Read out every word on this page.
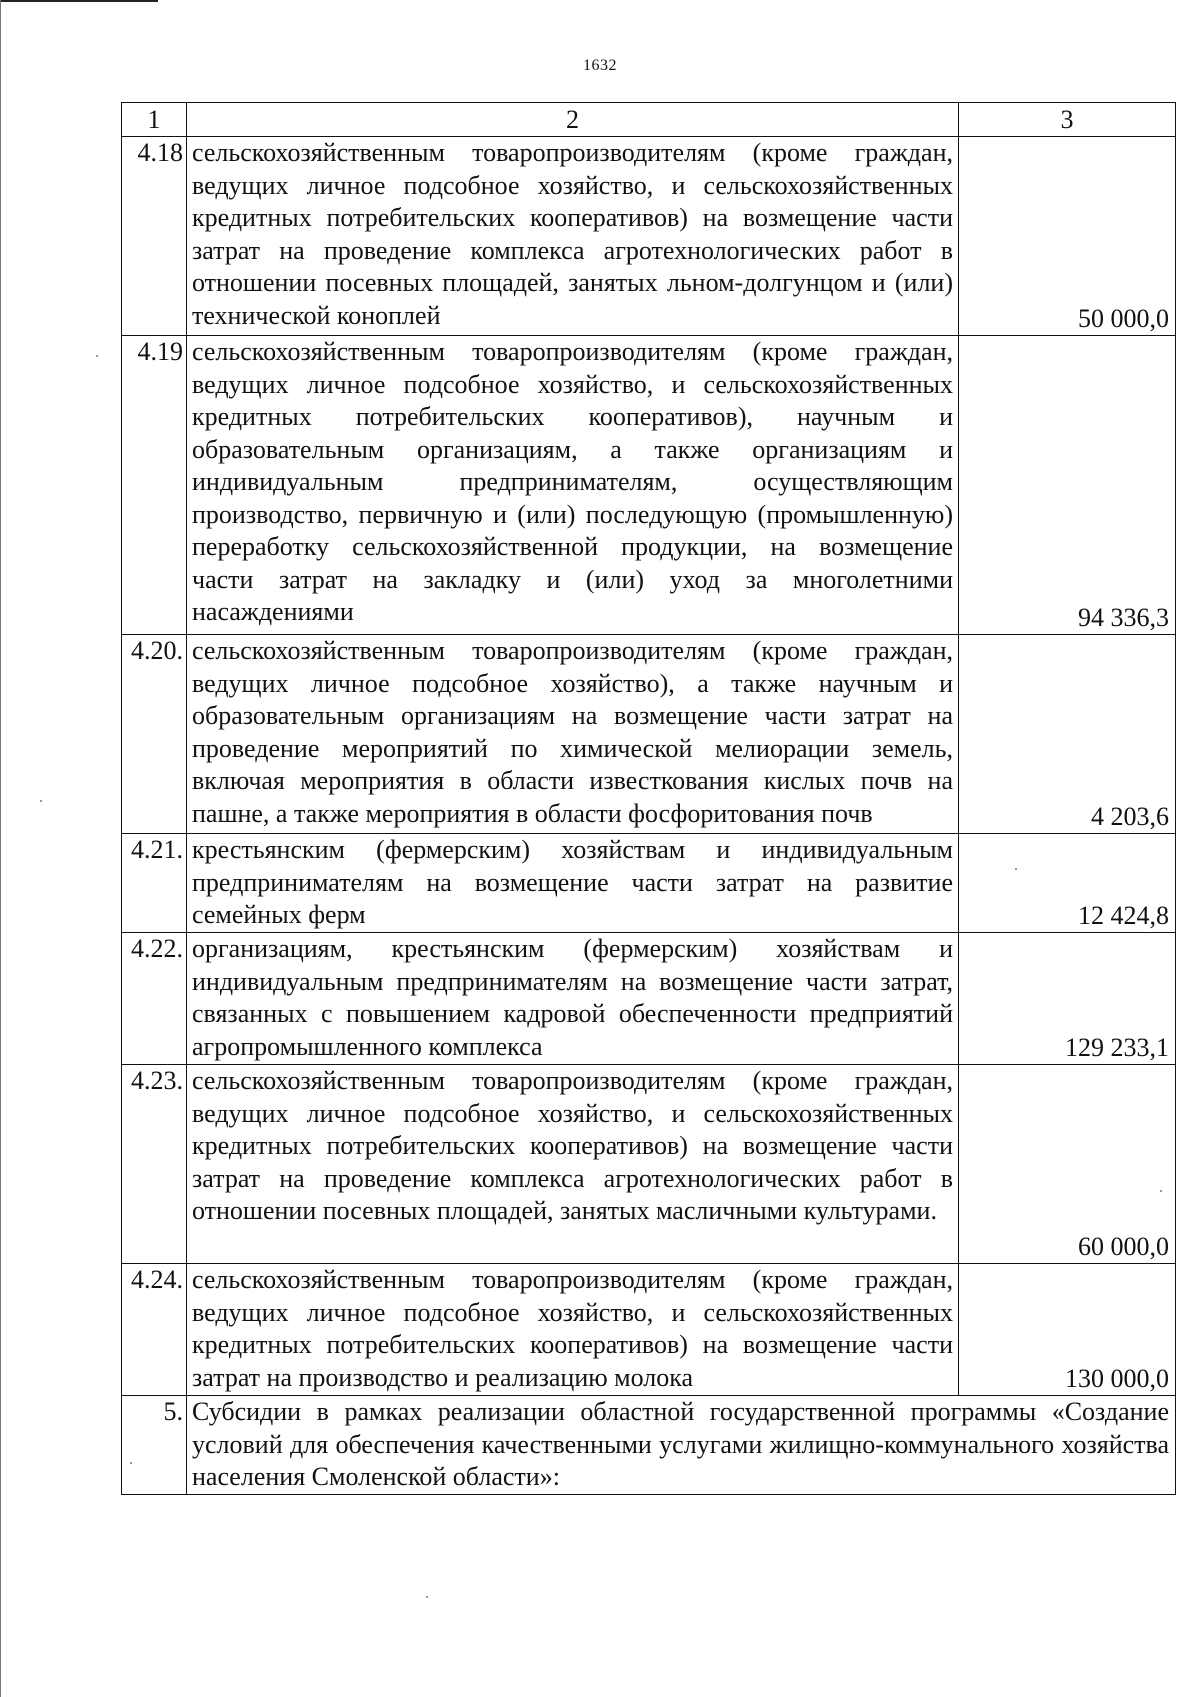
1632
1	2	3
4.18	сельскохозяйственным товаропроизводителям (кроме граждан, ведущих личное подсобное хозяйство, и сельскохозяйственных кредитных потребительских кооперативов) на возмещение части затрат на проведение комплекса агротехнологических работ в отношении посевных площадей, занятых льном-долгунцом и (или) технической коноплей	50 000,0
4.19	сельскохозяйственным товаропроизводителям (кроме граждан, ведущих личное подсобное хозяйство, и сельскохозяйственных кредитных потребительских кооперативов), научным и образовательным организациям, а также организациям и индивидуальным предпринимателям, осуществляющим производство, первичную и (или) последующую (промышленную) переработку сельскохозяйственной продукции, на возмещение части затрат на закладку и (или) уход за многолетними насаждениями	94 336,3
4.20.	сельскохозяйственным товаропроизводителям (кроме граждан, ведущих личное подсобное хозяйство), а также научным и образовательным организациям на возмещение части затрат на проведение мероприятий по химической мелиорации земель, включая мероприятия в области известкования кислых почв на пашне, а также мероприятия в области фосфоритования почв	4 203,6
4.21.	крестьянским (фермерским) хозяйствам и индивидуальным предпринимателям на возмещение части затрат на развитие семейных ферм	12 424,8
4.22.	организациям, крестьянским (фермерским) хозяйствам и индивидуальным предпринимателям на возмещение части затрат, связанных с повышением кадровой обеспеченности предприятий агропромышленного комплекса	129 233,1
4.23.	сельскохозяйственным товаропроизводителям (кроме граждан, ведущих личное подсобное хозяйство, и сельскохозяйственных кредитных потребительских кооперативов) на возмещение части затрат на проведение комплекса агротехнологических работ в отношении посевных площадей, занятых масличными культурами.	60 000,0
4.24.	сельскохозяйственным товаропроизводителям (кроме граждан, ведущих личное подсобное хозяйство, и сельскохозяйственных кредитных потребительских кооперативов) на возмещение части затрат на производство и реализацию молока	130 000,0
5.	Субсидии в рамках реализации областной государственной программы «Создание условий для обеспечения качественными услугами жилищно-коммунального хозяйства населения Смоленской области»:	
